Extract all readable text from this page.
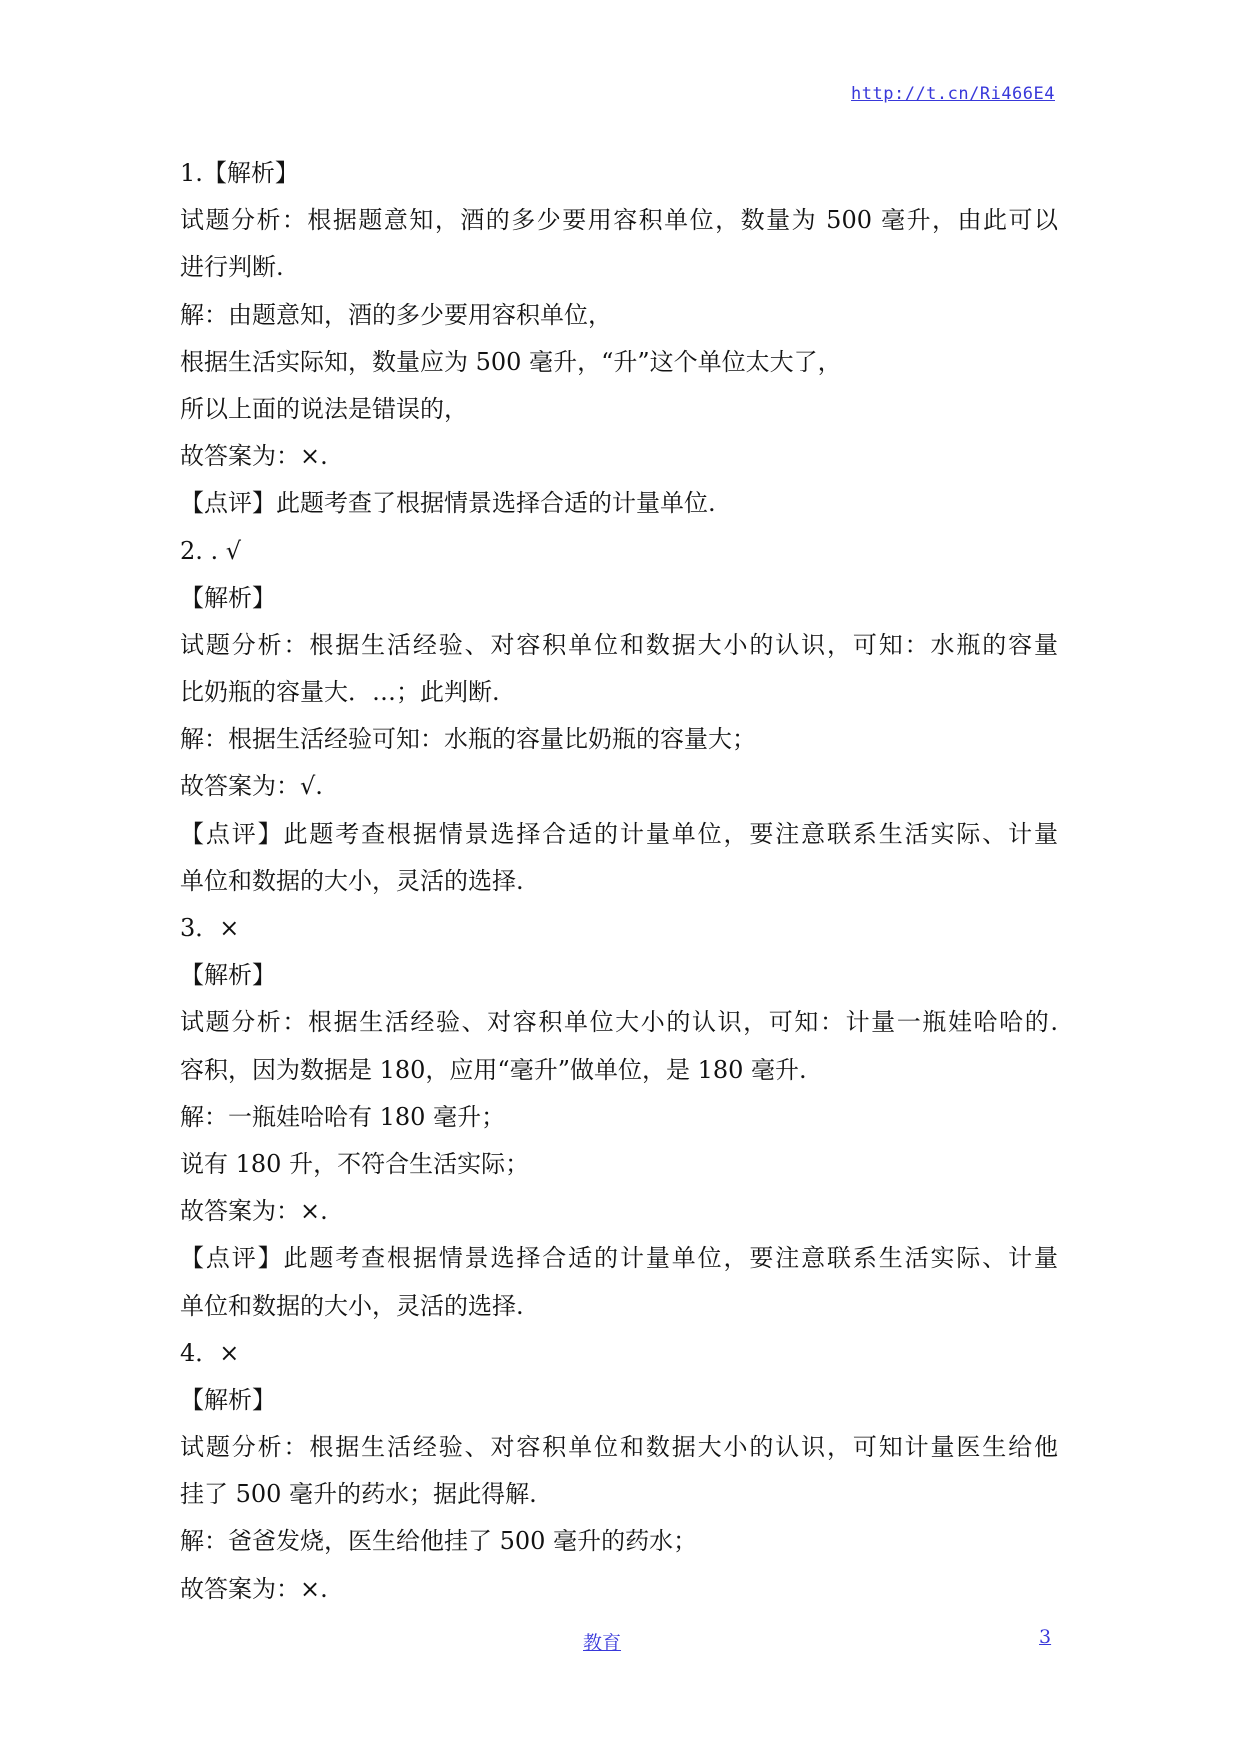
http://t.cn/Ri466E4

1.【解析】

试题分析：根据题意知，酒的多少要用容积单位，数量为 500 毫升，由此可以

进行判断.

解：由题意知，酒的多少要用容积单位，

根据生活实际知，数量应为 500 毫升，“升”这个单位太大了，

所以上面的说法是错误的，

故答案为：×.

【点评】此题考查了根据情景选择合适的计量单位.

2. . √

【解析】

试题分析：根据生活经验、对容积单位和数据大小的认识，可知：水瓶的容量

比奶瓶的容量大．…；此判断.

解：根据生活经验可知：水瓶的容量比奶瓶的容量大；

故答案为：√.

【点评】此题考查根据情景选择合适的计量单位，要注意联系生活实际、计量

单位和数据的大小，灵活的选择.

3．×

【解析】

试题分析：根据生活经验、对容积单位大小的认识，可知：计量一瓶娃哈哈的.

容积，因为数据是 180，应用“毫升”做单位，是 180 毫升.

解：一瓶娃哈哈有 180 毫升；

说有 180 升，不符合生活实际；

故答案为：×.

【点评】此题考查根据情景选择合适的计量单位，要注意联系生活实际、计量

单位和数据的大小，灵活的选择.

4．×

【解析】

试题分析：根据生活经验、对容积单位和数据大小的认识，可知计量医生给他

挂了 500 毫升的药水；据此得解.

解：爸爸发烧，医生给他挂了 500 毫升的药水；

故答案为：×.

教育	3
